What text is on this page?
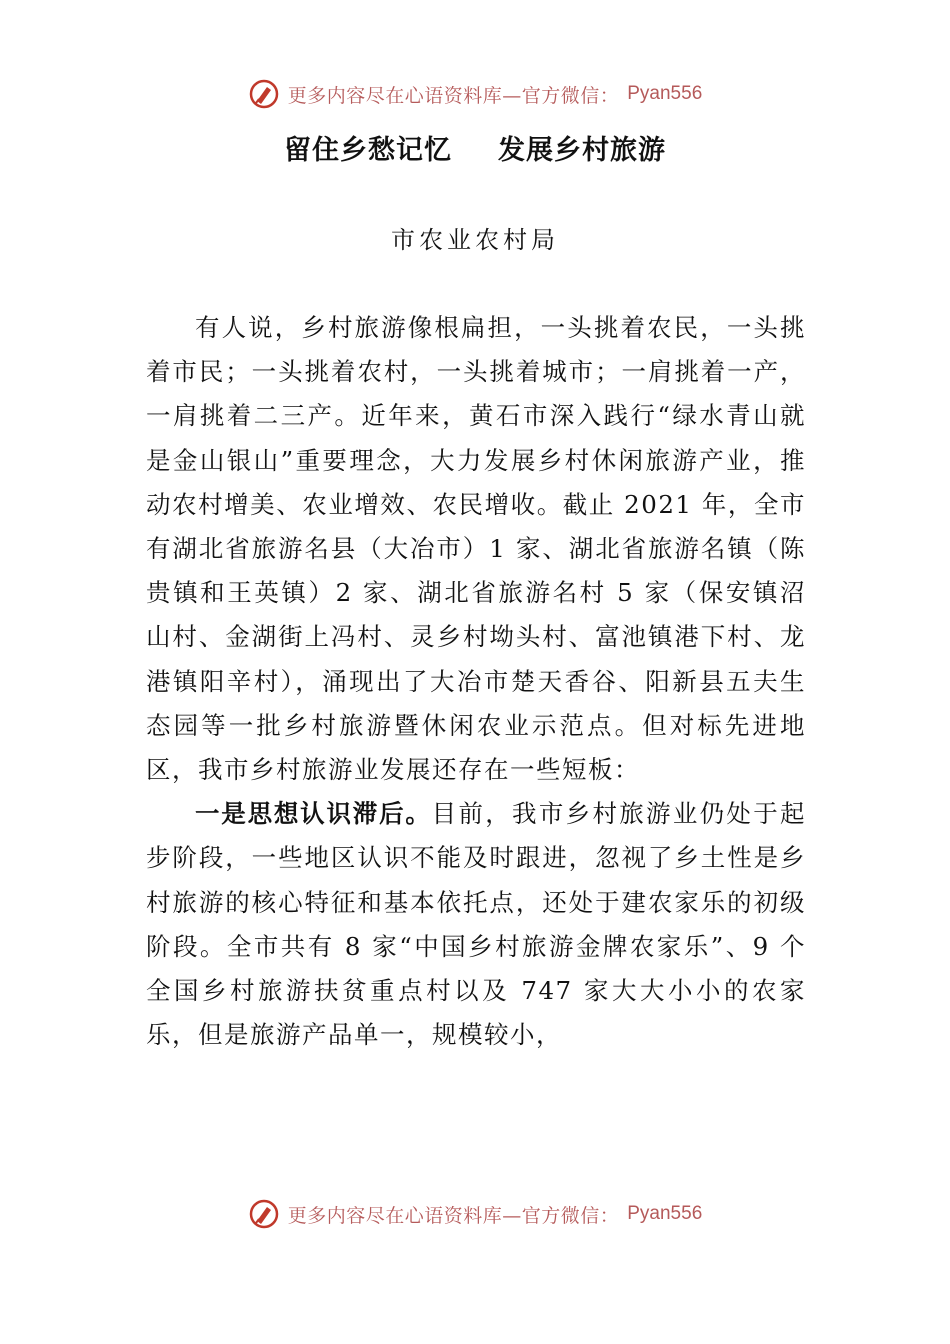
更多内容尽在心语资料库—官方微信： Pyan556
留住乡愁记忆 发展乡村旅游
市农业农村局

有人说，乡村旅游像根扁担，一头挑着农民，一头挑着市民；一头挑着农村，一头挑着城市；一肩挑着一产，一肩挑着二三产。近年来，黄石市深入践行“绿水青山就是金山银山”重要理念，大力发展乡村休闲旅游产业，推动农村增美、农业增效、农民增收。截止 2021 年，全市有湖北省旅游名县（大冶市）1 家、湖北省旅游名镇（陈贵镇和王英镇）2 家、湖北省旅游名村 5 家（保安镇沼山村、金湖街上冯村、灵乡村坳头村、富池镇港下村、龙港镇阳辛村），涌现出了大冶市楚天香谷、阳新县五夫生态园等一批乡村旅游暨休闲农业示范点。但对标先进地区，我市乡村旅游业发展还存在一些短板：

一是思想认识滞后。目前，我市乡村旅游业仍处于起步阶段，一些地区认识不能及时跟进，忽视了乡土性是乡村旅游的核心特征和基本依托点，还处于建农家乐的初级阶段。全市共有 8 家“中国乡村旅游金牌农家乐”、9 个全国乡村旅游扶贫重点村以及 747 家大大小小的农家乐，但是旅游产品单一，规模较小，

更多内容尽在心语资料库—官方微信： Pyan556
